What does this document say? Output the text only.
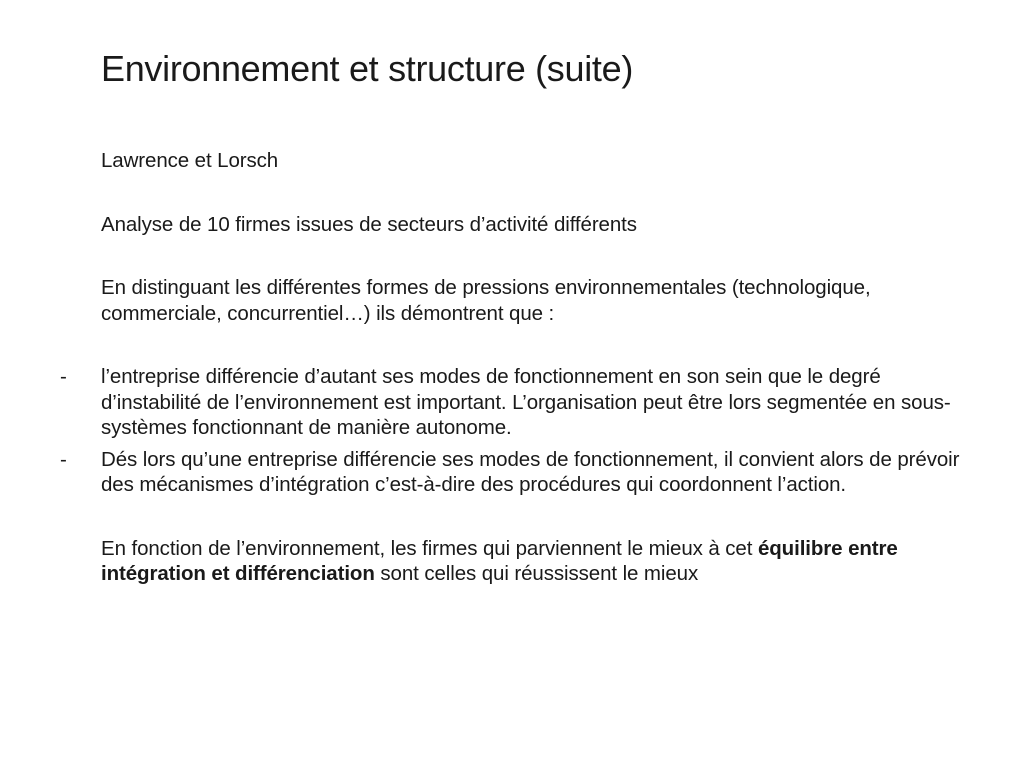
Environnement et structure (suite)

Lawrence et Lorsch

Analyse de 10 firmes issues de secteurs d’activité différents

En distinguant les différentes formes de pressions environnementales (technologique, commerciale, concurrentiel…) ils démontrent que :

- l’entreprise différencie d’autant ses modes de fonctionnement en son sein que le degré d’instabilité de l’environnement est important. L’organisation peut être lors segmentée en sous-systèmes fonctionnant de manière autonome.
- Dés lors qu’une entreprise différencie ses modes de fonctionnement, il convient alors de prévoir des mécanismes d’intégration c’est-à-dire des procédures qui coordonnent l’action.

En fonction de l’environnement, les firmes qui parviennent le mieux à cet équilibre entre intégration et différenciation sont celles qui réussissent le mieux
